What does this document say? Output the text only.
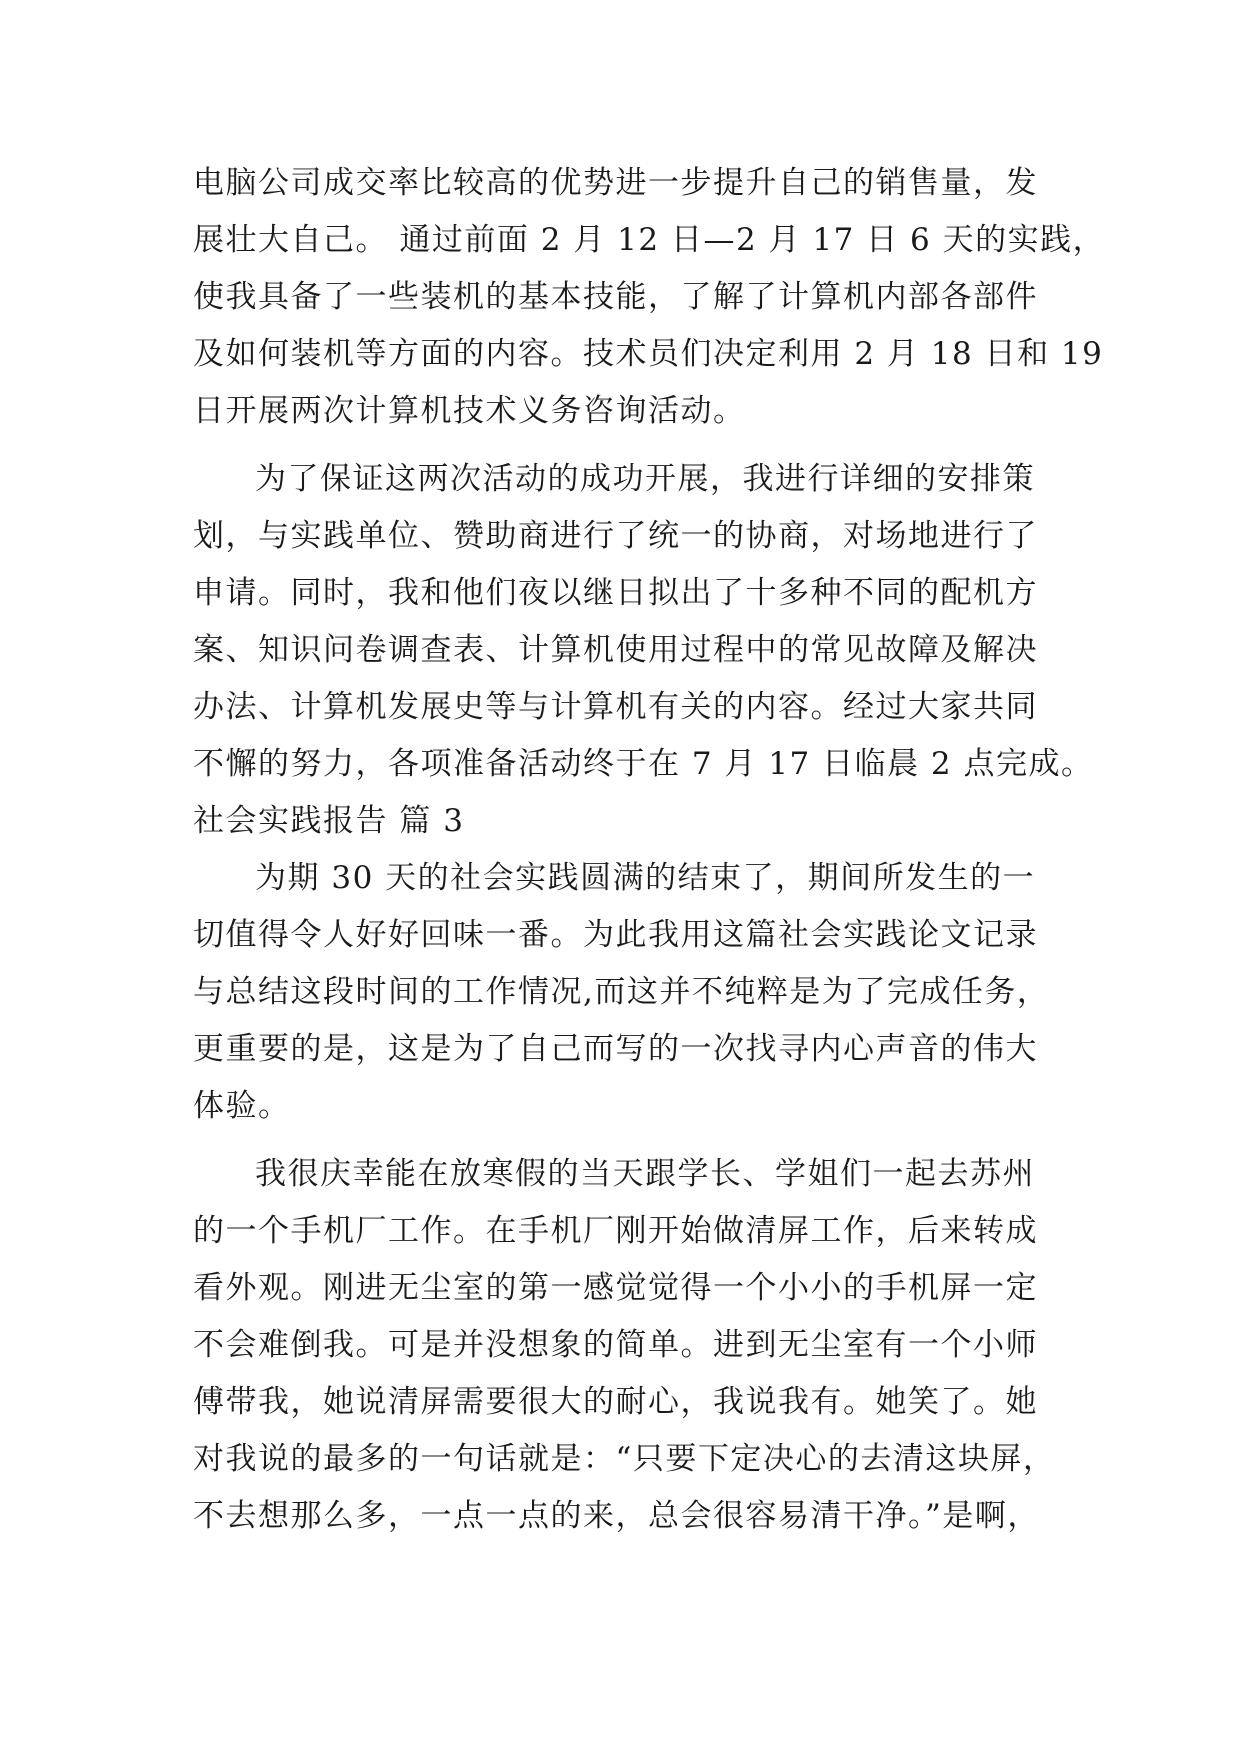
电脑公司成交率比较高的优势进一步提升自己的销售量，发
展壮大自己。 通过前面 2 月 12 日—2 月 17 日 6 天的实践，
使我具备了一些装机的基本技能，了解了计算机内部各部件
及如何装机等方面的内容。技术员们决定利用 2 月 18 日和 19
日开展两次计算机技术义务咨询活动。
为了保证这两次活动的成功开展，我进行详细的安排策
划，与实践单位、赞助商进行了统一的协商，对场地进行了
申请。同时，我和他们夜以继日拟出了十多种不同的配机方
案、知识问卷调查表、计算机使用过程中的常见故障及解决
办法、计算机发展史等与计算机有关的内容。经过大家共同
不懈的努力，各项准备活动终于在 7 月 17 日临晨 2 点完成。
社会实践报告 篇 3
为期 30 天的社会实践圆满的结束了，期间所发生的一
切值得令人好好回味一番。为此我用这篇社会实践论文记录
与总结这段时间的工作情况,而这并不纯粹是为了完成任务，
更重要的是，这是为了自己而写的一次找寻内心声音的伟大
体验。
我很庆幸能在放寒假的当天跟学长、学姐们一起去苏州
的一个手机厂工作。在手机厂刚开始做清屏工作，后来转成
看外观。刚进无尘室的第一感觉觉得一个小小的手机屏一定
不会难倒我。可是并没想象的简单。进到无尘室有一个小师
傅带我，她说清屏需要很大的耐心，我说我有。她笑了。她
对我说的最多的一句话就是：“只要下定决心的去清这块屏，
不去想那么多，一点一点的来，总会很容易清干净。”是啊，
